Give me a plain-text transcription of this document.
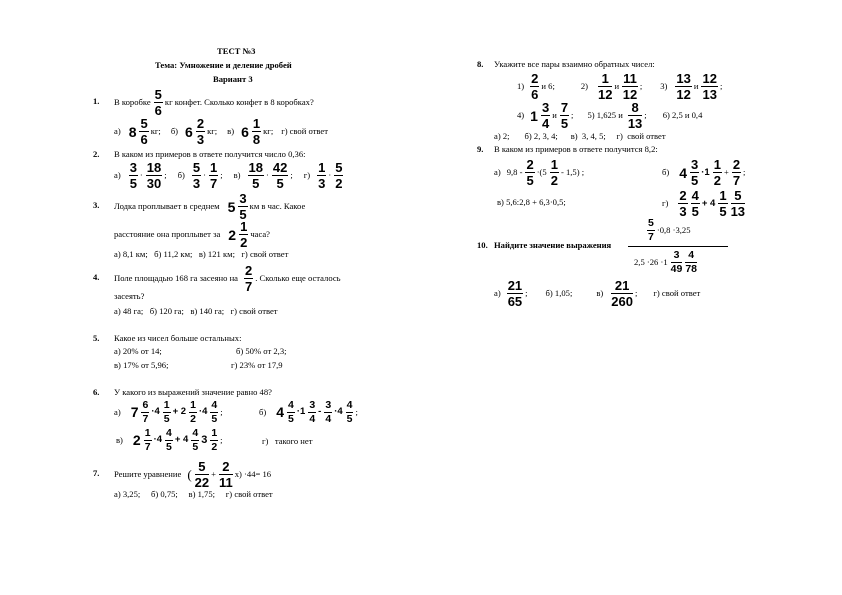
ТЕСТ №3
Тема: Умножение и деление дробей
Вариант 3
1. В коробке $\frac{5}{6}$ кг конфет. Сколько конфет в 8 коробках?
а) $8 \frac{5}{6}$ кг; б) $6 \frac{2}{3}$ кг; в) $6 \frac{1}{8}$ кг; г) свой ответ
2. В каком из примеров в ответе получится число 0,36:
$а) \frac{3}{5} \cdot \frac{18}{30}$ ; $б) \frac{5}{3} \cdot \frac{1}{7}$ ; $в) \frac{18}{5} \cdot \frac{42}{5}$ ; $г) \frac{1}{3} \cdot \frac{5}{2}$
3. Лодка проплывает в среднем $5 \frac{3}{5}$ км в час. Какое
расстояние она проплывет за $2 \frac{1}{2}$ часа?
а) 8,1 км;   б) 11,2 км;   в) 121 км;   г) свой ответ
4. Поле площадью 168 га засеяно на $\frac{2}{7}$ . Сколько еще осталось
засеять?
а) 48 га;   б) 120 га;   в) 140 га;   г) свой ответ
5. Какое из чисел больше остальных:
а) 20% от 14;	б) 50% от 2,3;
в) 17% от 5,96;	г) 23% от 17,9
6. У какого из выражений значение равно 48?
а) $7 \frac{6}{7} \cdot 4 \frac{1}{5} + 2 \frac{1}{2} \cdot 4 \frac{4}{5}$ ;	б) $4 \frac{4}{5} \cdot 1 \frac{3}{4} - \frac{3}{4} \cdot 4 \frac{4}{5}$ ;
в) $2 \frac{1}{7} \cdot 4 \frac{4}{5} + 4 \frac{4}{5} 3 \frac{1}{2}$ ;	г)   такого нет
7. Решите уравнение ( $\frac{5}{22} + \frac{2}{11} x) \cdot 44= 16$
а) 3,25;     б) 0,75;     в) 1,75;     г) свой ответ
8. Укажите все пары взаимно обратных чисел:
$1) \frac{2}{6}$ и 6;	$2) \frac{1}{12}$ и $\frac{11}{12}$ ; $3) \frac{13}{12}$ и $\frac{12}{13}$ ;
4) $1 \frac{3}{4}$ и $\frac{7}{5}$ ; 5) 1,625 и $\frac{8}{13}$ ; 6) 2,5 и 0,4
а) 2;       б) 2, 3, 4;      в)  3, 4, 5;     г)  свой ответ
9. В каком из примеров в ответе получится 8,2:
а) $9,8 - \frac{2}{5} \cdot(5 \frac{1}{2} - 1,5)$ ;	б) $4 \frac{3}{5} \cdot 1 \frac{1}{2} + \frac{2}{7}$ ;
в) 5,6:2,8 + 6,3·0,5;	$г) \frac{2}{3} \frac{4}{5} + 4 \frac{1}{5} \frac{5}{13}$
10. Найдите значение выражения
$\frac{5}{7} \cdot 0,8 \cdot 3,25$
$2,5 \cdot 26 \cdot 1 \frac{3}{49} \frac{4}{78}$
$а) \frac{21}{65}$ ; б) 1,05;	$в) \frac{21}{260}$ ; г) свой ответ
